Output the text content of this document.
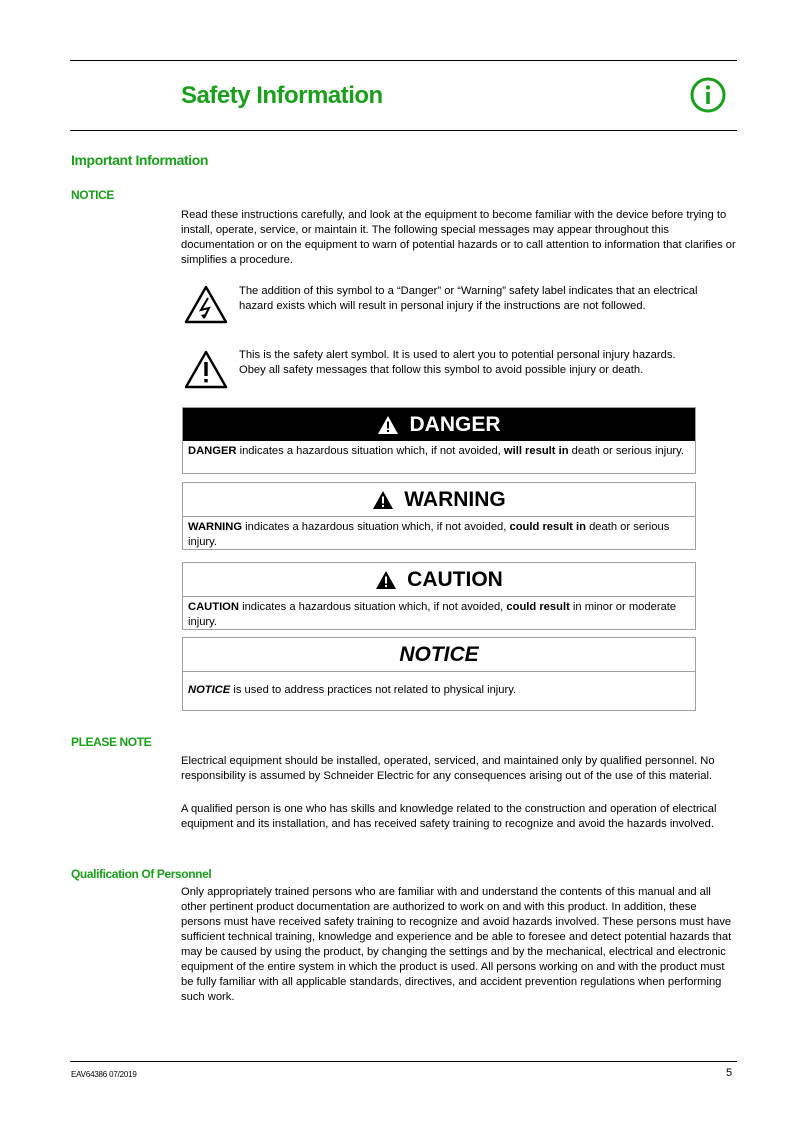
Safety Information
Important Information
NOTICE

Read these instructions carefully, and look at the equipment to become familiar with the device before trying to install, operate, service, or maintain it. The following special messages may appear throughout this documentation or on the equipment to warn of potential hazards or to call attention to information that clarifies or simplifies a procedure.

The addition of this symbol to a “Danger” or “Warning” safety label indicates that an electrical hazard exists which will result in personal injury if the instructions are not followed.

This is the safety alert symbol. It is used to alert you to potential personal injury hazards. Obey all safety messages that follow this symbol to avoid possible injury or death.

DANGER
DANGER indicates a hazardous situation which, if not avoided, will result in death or serious injury.
WARNING
WARNING indicates a hazardous situation which, if not avoided, could result in death or serious injury.
CAUTION
CAUTION indicates a hazardous situation which, if not avoided, could result in minor or moderate injury.
NOTICE
NOTICE is used to address practices not related to physical injury.
PLEASE NOTE

Electrical equipment should be installed, operated, serviced, and maintained only by qualified personnel. No responsibility is assumed by Schneider Electric for any consequences arising out of the use of this material.

A qualified person is one who has skills and knowledge related to the construction and operation of electrical equipment and its installation, and has received safety training to recognize and avoid the hazards involved.

Qualification Of Personnel

Only appropriately trained persons who are familiar with and understand the contents of this manual and all other pertinent product documentation are authorized to work on and with this product. In addition, these persons must have received safety training to recognize and avoid hazards involved. These persons must have sufficient technical training, knowledge and experience and be able to foresee and detect potential hazards that may be caused by using the product, by changing the settings and by the mechanical, electrical and electronic equipment of the entire system in which the product is used. All persons working on and with the product must be fully familiar with all applicable standards, directives, and accident prevention regulations when performing such work.

EAV64386 07/2019	5
